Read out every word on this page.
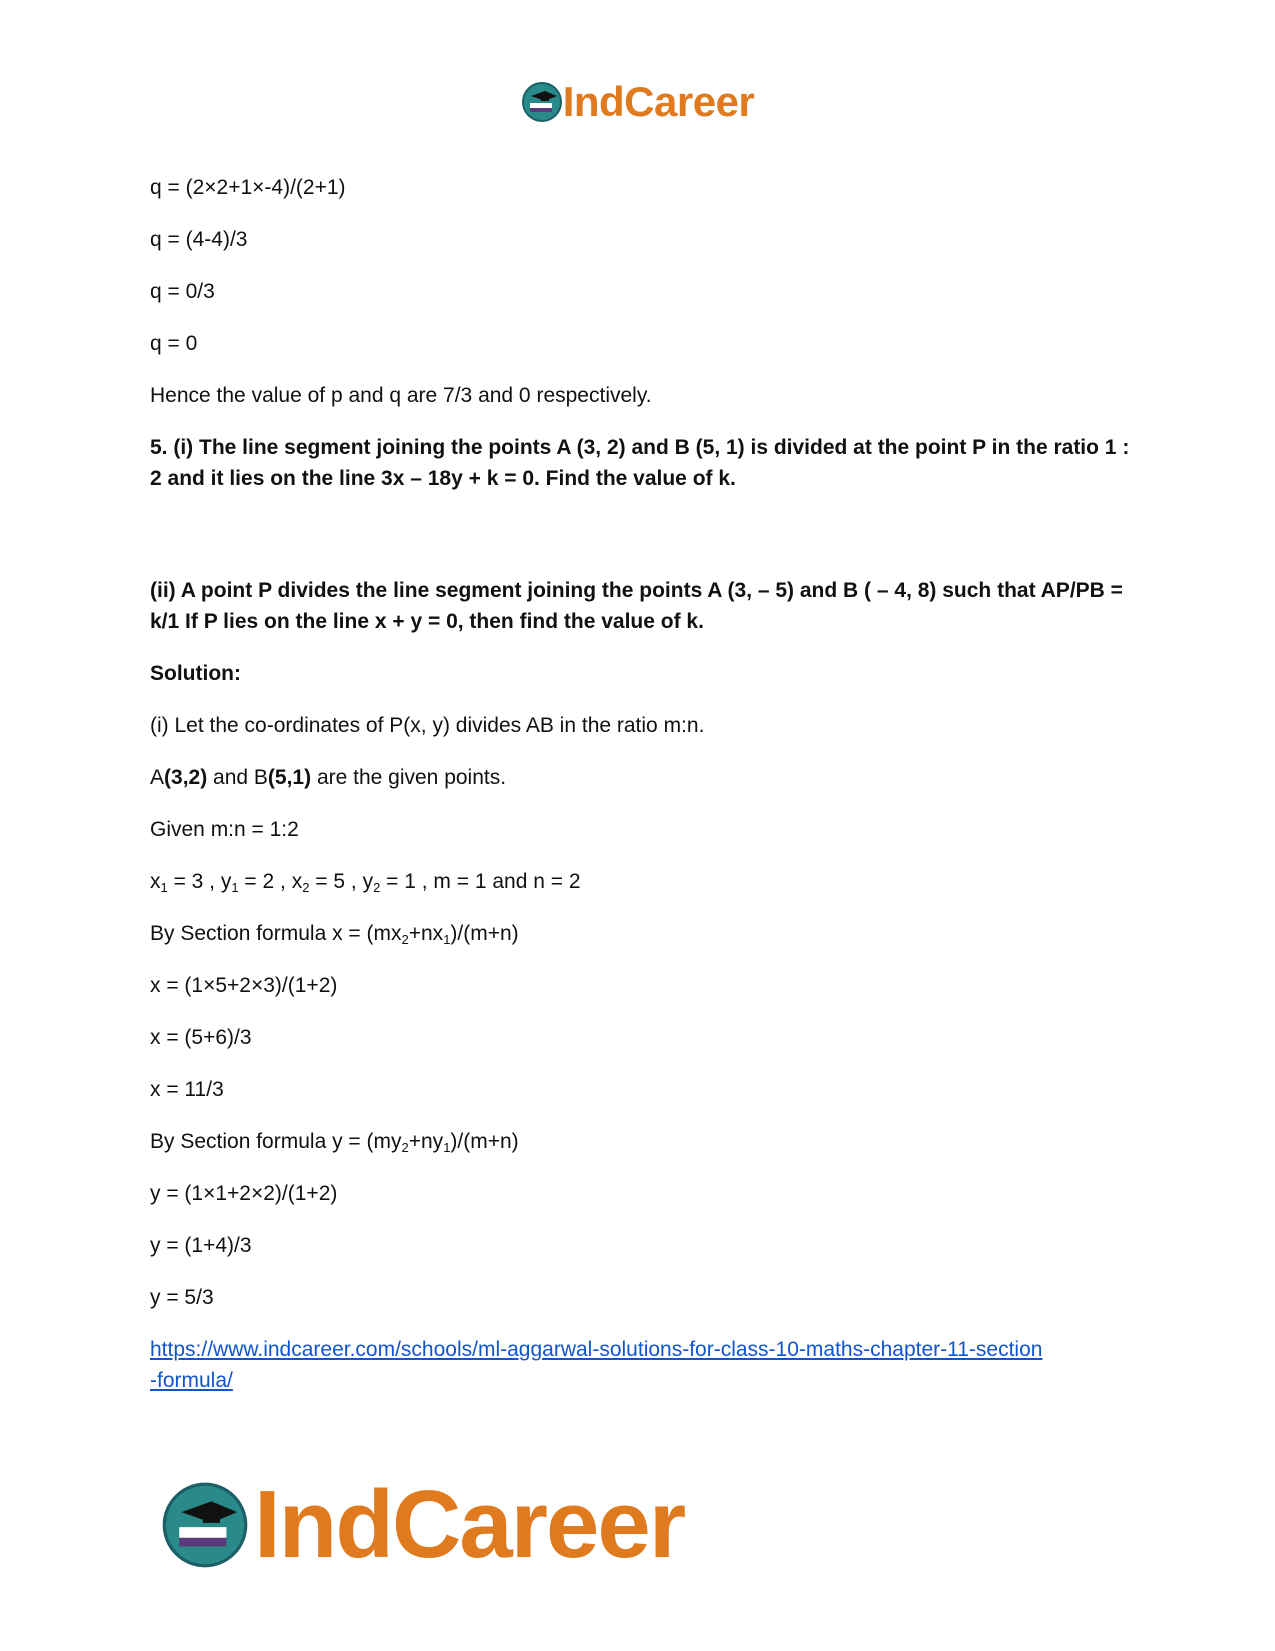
IndCareer

q = (2×2+1×-4)/(2+1)

q = (4-4)/3

q = 0/3

q = 0

Hence the value of p and q are 7/3 and 0 respectively.

5. (i) The line segment joining the points A (3, 2) and B (5, 1) is divided at the point P in the ratio 1 : 2 and it lies on the line 3x – 18y + k = 0. Find the value of k.

(ii) A point P divides the line segment joining the points A (3, – 5) and B ( – 4, 8) such that AP/PB = k/1 If P lies on the line x + y = 0, then find the value of k.

Solution:

(i) Let the co-ordinates of P(x, y) divides AB in the ratio m:n.

A(3,2) and B(5,1) are the given points.

Given m:n = 1:2

$x_1 = 3$ , $y_1 = 2$ , $x_2 = 5$ , $y_2 = 1$ , m = 1 and n = 2

By Section formula $x = (mx_2+nx_1)/(m+n)$

x = (1×5+2×3)/(1+2)

x = (5+6)/3

x = 11/3

By Section formula $y = (my_2+ny_1)/(m+n)$

y = (1×1+2×2)/(1+2)

y = (1+4)/3

y = 5/3

https://www.indcareer.com/schools/ml-aggarwal-solutions-for-class-10-maths-chapter-11-section
-formula/

IndCareer
